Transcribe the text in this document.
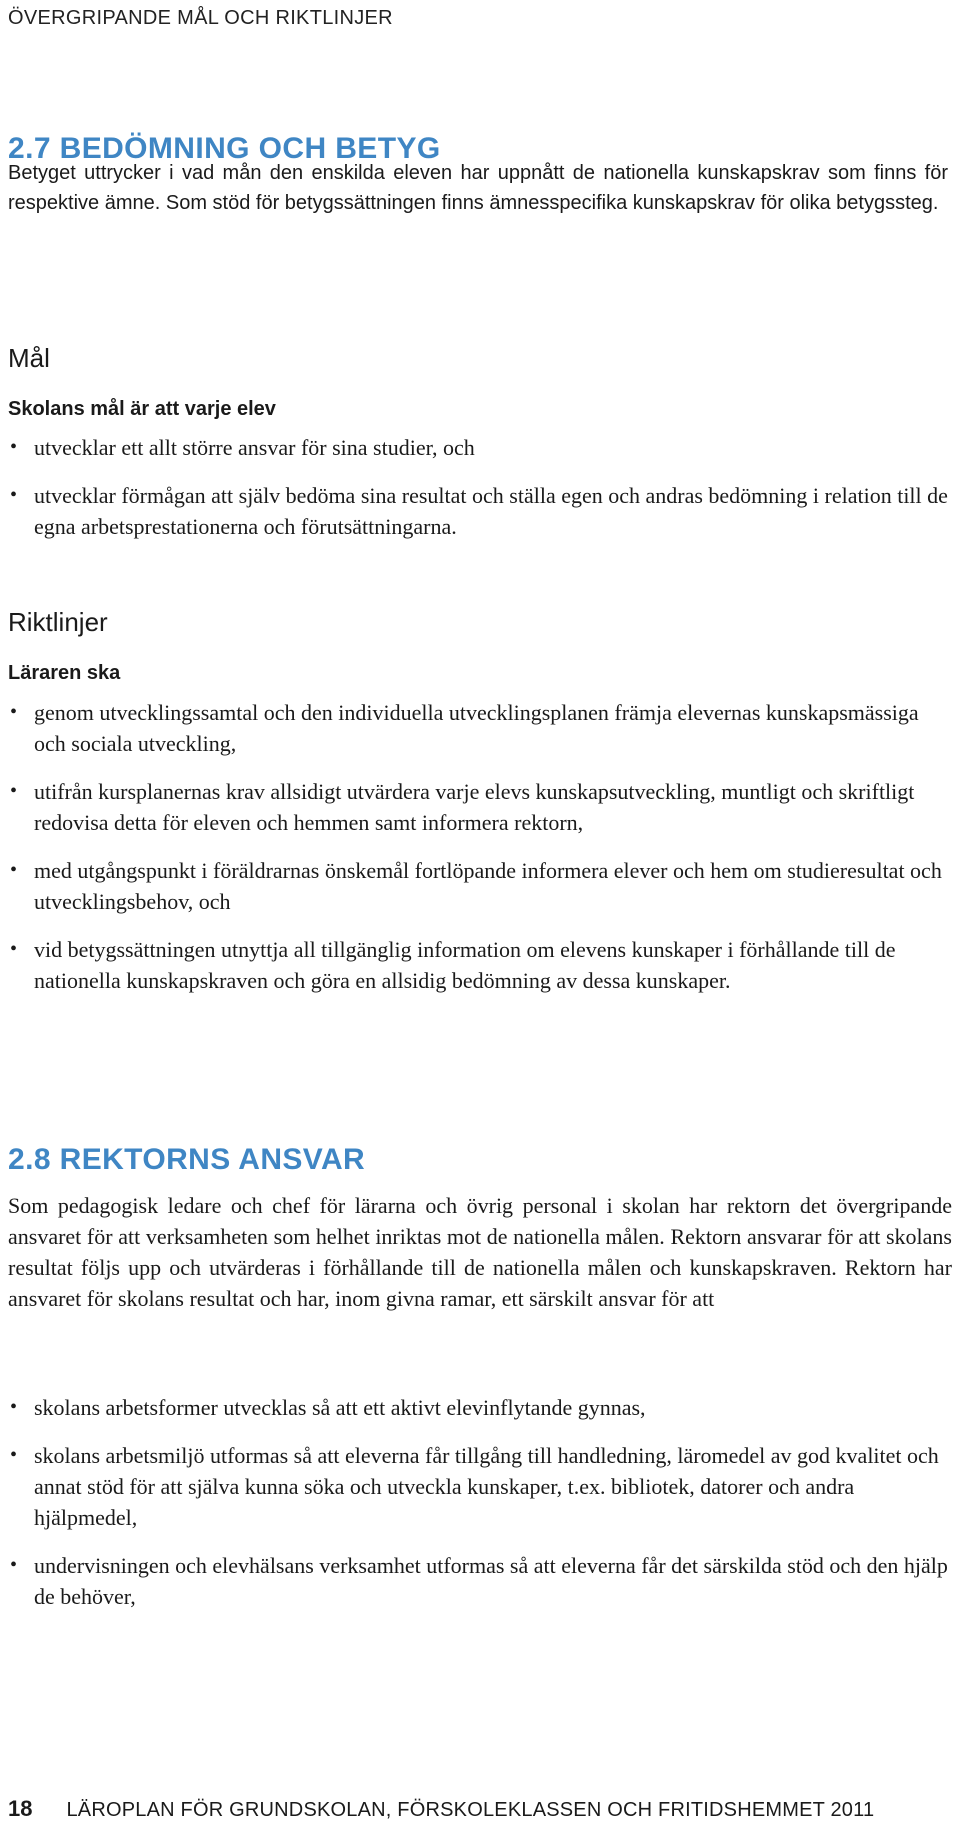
ÖVERGRIPANDE MÅL OCH RIKTLINJER
2.7 BEDÖMNING OCH BETYG
Betyget uttrycker i vad mån den enskilda eleven har uppnått de nationella kunskapskrav som finns för respektive ämne. Som stöd för betygssättningen finns ämnesspecifika kunskapskrav för olika betygssteg.
Mål
Skolans mål är att varje elev
• utvecklar ett allt större ansvar för sina studier, och
• utvecklar förmågan att själv bedöma sina resultat och ställa egen och andras bedömning i relation till de egna arbetsprestationerna och förutsättningarna.
Riktlinjer
Läraren ska
• genom utvecklingssamtal och den individuella utvecklingsplanen främja elevernas kunskapsmässiga och sociala utveckling,
• utifrån kursplanernas krav allsidigt utvärdera varje elevs kunskapsutveckling, muntligt och skriftligt redovisa detta för eleven och hemmen samt informera rektorn,
• med utgångspunkt i föräldrarnas önskemål fortlöpande informera elever och hem om studieresultat och utvecklingsbehov, och
• vid betygssättningen utnyttja all tillgänglig information om elevens kunskaper i förhållande till de nationella kunskapskraven och göra en allsidig bedömning av dessa kunskaper.
2.8 REKTORNS ANSVAR
Som pedagogisk ledare och chef för lärarna och övrig personal i skolan har rektorn det övergripande ansvaret för att verksamheten som helhet inriktas mot de nationella målen. Rektorn ansvarar för att skolans resultat följs upp och utvärderas i förhållande till de nationella målen och kunskapskraven. Rektorn har ansvaret för skolans resultat och har, inom givna ramar, ett särskilt ansvar för att
• skolans arbetsformer utvecklas så att ett aktivt elevinflytande gynnas,
• skolans arbetsmiljö utformas så att eleverna får tillgång till handledning, läromedel av god kvalitet och annat stöd för att själva kunna söka och utveckla kunskaper, t.ex. bibliotek, datorer och andra hjälpmedel,
• undervisningen och elevhälsans verksamhet utformas så att eleverna får det särskilda stöd och den hjälp de behöver,
18 LÄROPLAN FÖR GRUNDSKOLAN, FÖRSKOLEKLASSEN OCH FRITIDSHEMMET 2011
